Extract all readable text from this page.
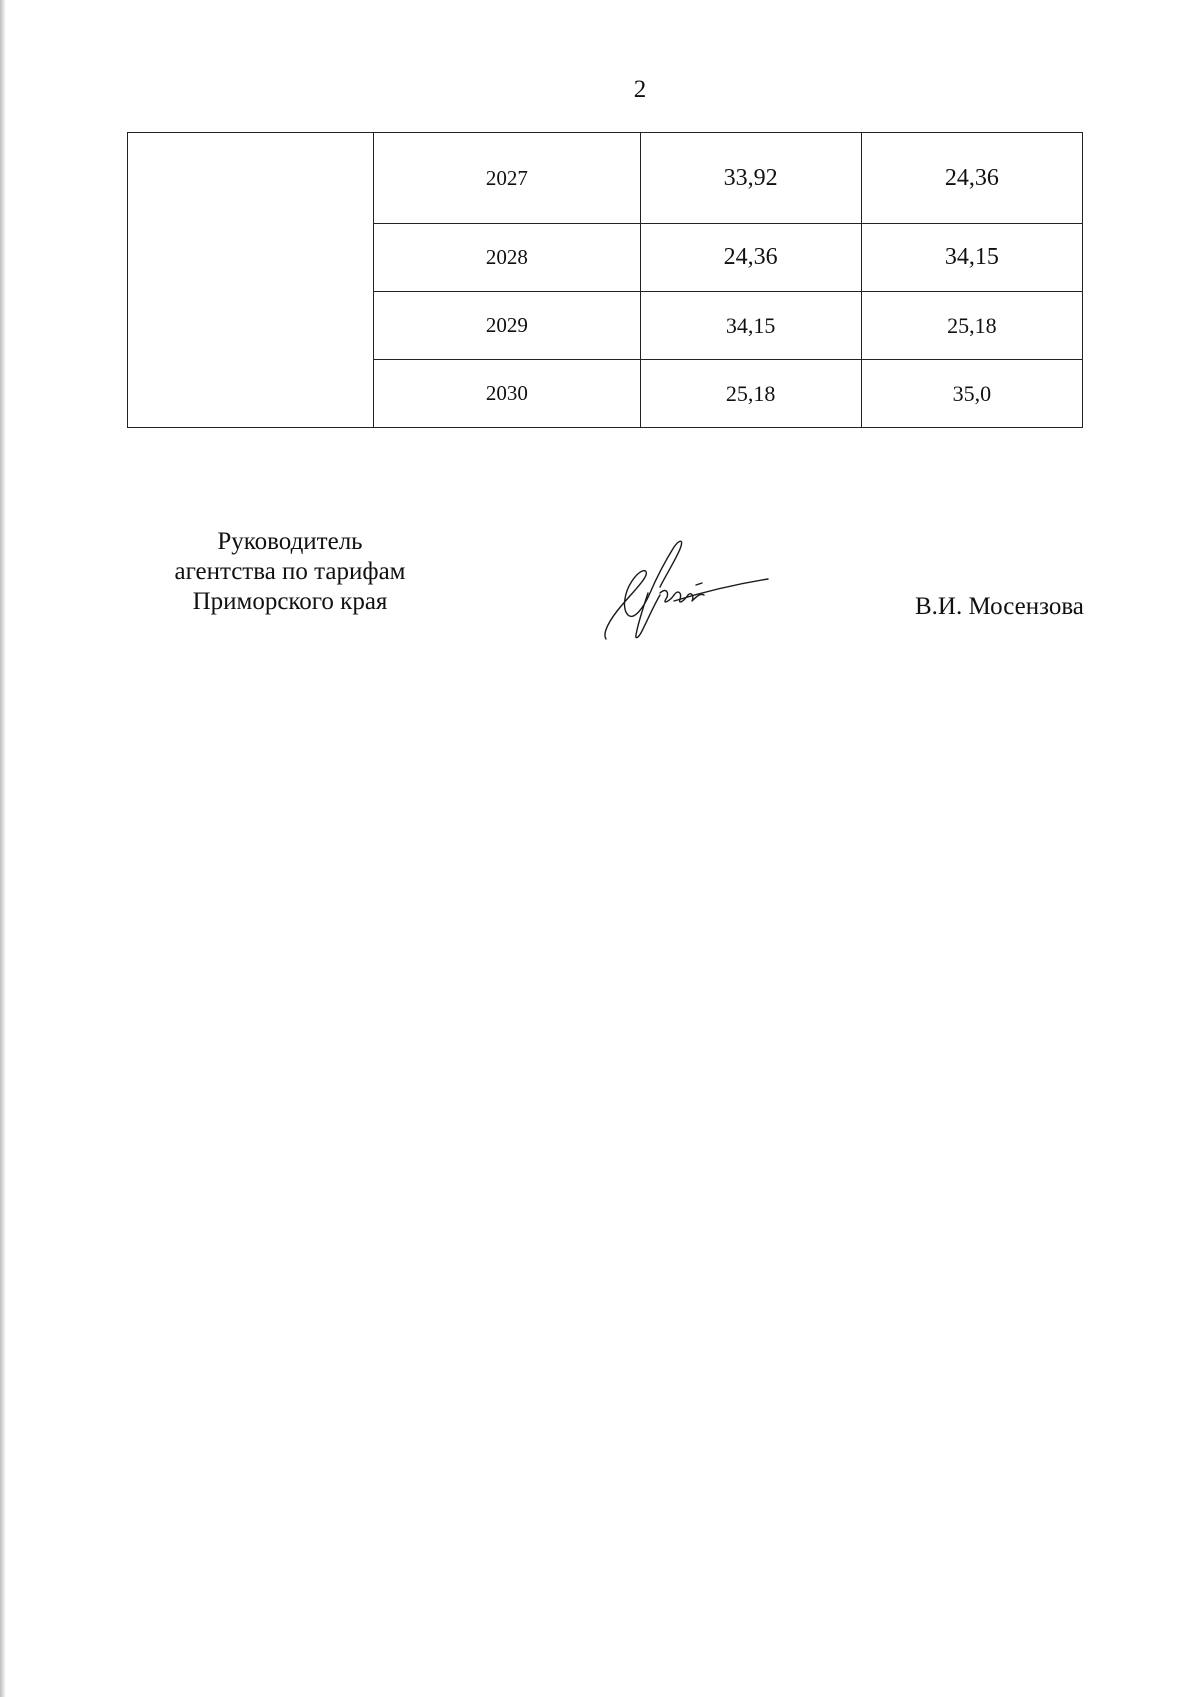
2
	2027	33,92	24,36
	2028	24,36	34,15
	2029	34,15	25,18
	2030	25,18	35,0
Руководитель
агентства по тарифам
Приморского края	В.И. Мосензова
